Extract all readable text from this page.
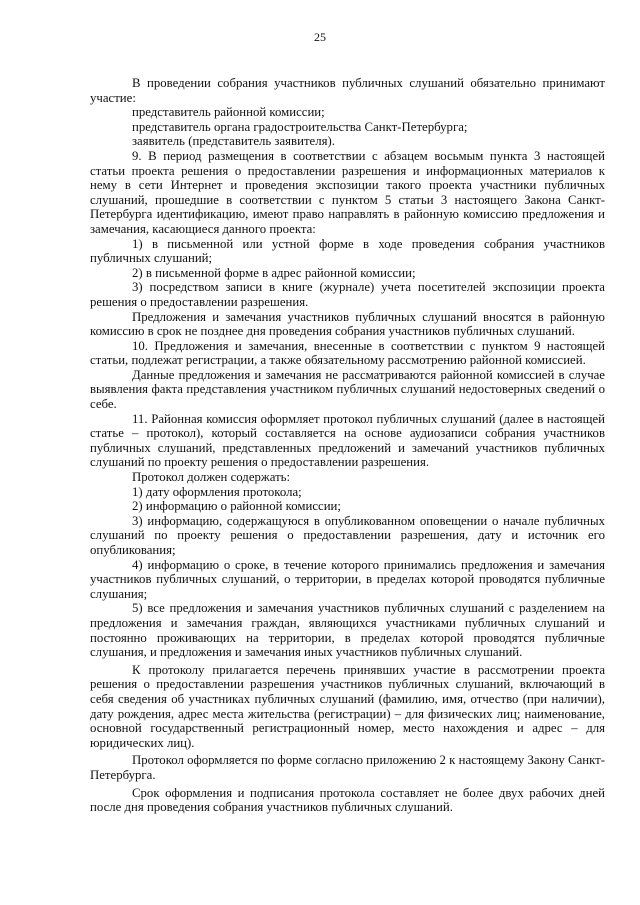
25

В проведении собрания участников публичных слушаний обязательно принимают участие:

представитель районной комиссии;

представитель органа градостроительства Санкт-Петербурга;

заявитель (представитель заявителя).

9. В период размещения в соответствии с абзацем восьмым пункта 3 настоящей статьи проекта решения о предоставлении разрешения и информационных материалов к нему в сети Интернет и проведения экспозиции такого проекта участники публичных слушаний, прошедшие в соответствии с пунктом 5 статьи 3 настоящего Закона Санкт-Петербурга идентификацию, имеют право направлять в районную комиссию предложения и замечания, касающиеся данного проекта:

1) в письменной или устной форме в ходе проведения собрания участников публичных слушаний;

2) в письменной форме в адрес районной комиссии;

3) посредством записи в книге (журнале) учета посетителей экспозиции проекта решения о предоставлении разрешения.

Предложения и замечания участников публичных слушаний вносятся в районную комиссию в срок не позднее дня проведения собрания участников публичных слушаний.

10. Предложения и замечания, внесенные в соответствии с пунктом 9 настоящей статьи, подлежат регистрации, а также обязательному рассмотрению районной комиссией.

Данные предложения и замечания не рассматриваются районной комиссией в случае выявления факта представления участником публичных слушаний недостоверных сведений о себе.

11. Районная комиссия оформляет протокол публичных слушаний (далее в настоящей статье – протокол), который составляется на основе аудиозаписи собрания участников публичных слушаний, представленных предложений и замечаний участников публичных слушаний по проекту решения о предоставлении разрешения.

Протокол должен содержать:

1) дату оформления протокола;

2) информацию о районной комиссии;

3) информацию, содержащуюся в опубликованном оповещении о начале публичных слушаний по проекту решения о предоставлении разрешения, дату и источник его опубликования;

4) информацию о сроке, в течение которого принимались предложения и замечания участников публичных слушаний, о территории, в пределах которой проводятся публичные слушания;

5) все предложения и замечания участников публичных слушаний с разделением на предложения и замечания граждан, являющихся участниками публичных слушаний и постоянно проживающих на территории, в пределах которой проводятся публичные слушания, и предложения и замечания иных участников публичных слушаний.

К протоколу прилагается перечень принявших участие в рассмотрении проекта решения о предоставлении разрешения участников публичных слушаний, включающий в себя сведения об участниках публичных слушаний (фамилию, имя, отчество (при наличии), дату рождения, адрес места жительства (регистрации) – для физических лиц; наименование, основной государственный регистрационный номер, место нахождения и адрес – для юридических лиц).

Протокол оформляется по форме согласно приложению 2 к настоящему Закону Санкт-Петербурга.

Срок оформления и подписания протокола составляет не более двух рабочих дней после дня проведения собрания участников публичных слушаний.
